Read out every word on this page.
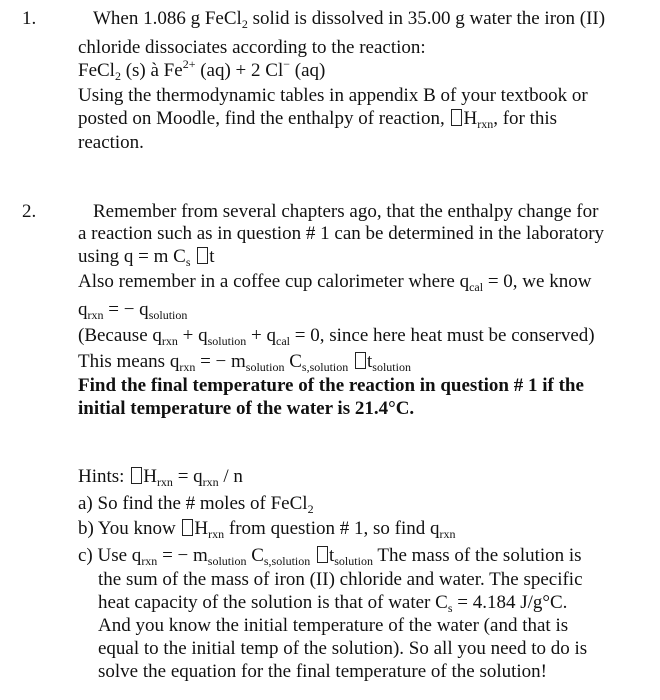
1.	When 1.086 g FeCl$_2$ solid is dissolved in 35.00 g water the iron (II)
chloride dissociates according to the reaction:
FeCl$_2$ (s) à $Fe^{2+}$ (aq) + 2 Cl− (aq)
Using the thermodynamic tables in appendix B of your textbook or
posted on Moodle, find the enthalpy of reaction, $H_{rxn}$, for this
reaction.
2.	Remember from several chapters ago, that the enthalpy change for
a reaction such as in question # 1 can be determined in the laboratory
using q = m $C_s$ t
Also remember in a coffee cup calorimeter where $q_{cal} = 0$, we know
$q_{rxn}$ = − $q_{solution}$
(Because $q_{rxn} + q_{solution} + q_{cal} = 0$, since here heat must be conserved)
This means $q_{rxn}$ = − $m_{solution}$ $C_{s,solution}$ $t_{solution}$
Find the final temperature of the reaction in question # 1 if the
initial temperature of the water is 21.4°C.
Hints: $H_{rxn} = q_{rxn} / n$
a) So find the # moles of FeCl$_2$
b) You know $H_{rxn}$ from question # 1, so find $q_{rxn}$
c) Use $q_{rxn}$ = − $m_{solution}$ $C_{s,solution}$ $t_{solution}$ The mass of the solution is
the sum of the mass of iron (II) chloride and water. The specific
heat capacity of the solution is that of water $C_s = 4.184$ J/g°C.
And you know the initial temperature of the water (and that is
equal to the initial temp of the solution). So all you need to do is
solve the equation for the final temperature of the solution!
